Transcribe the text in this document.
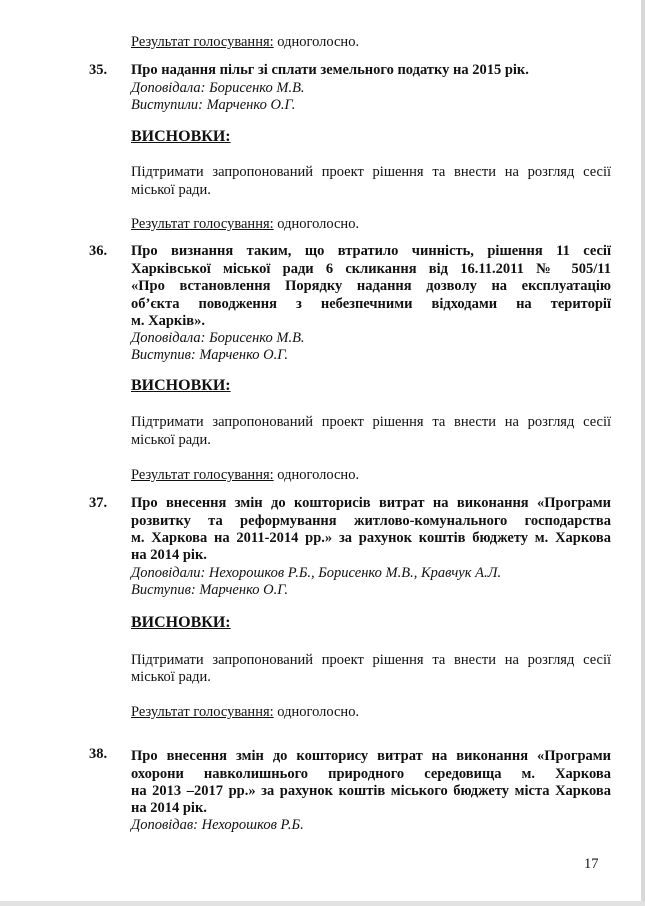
Результат голосування: одноголосно.
35. Про надання пільг зі сплати земельного податку на 2015 рік.
Доповідала: Борисенко М.В.
Виступили: Марченко О.Г.
ВИСНОВКИ:
Підтримати запропонований проект рішення та внести на розгляд сесії
міської ради.
Результат голосування: одноголосно.
36. Про визнання таким, що втратило чинність, рішення 11 сесії
Харківської міської ради 6 скликання від 16.11.2011 № 505/11
«Про встановлення Порядку надання дозволу на експлуатацію
об’єкта поводження з небезпечними відходами на території
м. Харків».
Доповідала: Борисенко М.В.
Виступив: Марченко О.Г.
ВИСНОВКИ:
Підтримати запропонований проект рішення та внести на розгляд сесії
міської ради.
Результат голосування: одноголосно.
37. Про внесення змін до кошторисів витрат на виконання «Програми
розвитку та реформування житлово-комунального господарства
м. Харкова на 2011-2014 рр.» за рахунок коштів бюджету м. Харкова
на 2014 рік.
Доповідали: Нехорошков Р.Б., Борисенко М.В., Кравчук А.Л.
Виступив: Марченко О.Г.
ВИСНОВКИ:
Підтримати запропонований проект рішення та внести на розгляд сесії
міської ради.
Результат голосування: одноголосно.
38. Про внесення змін до кошторису витрат на виконання «Програми
охорони навколишнього природного середовища м. Харкова
на 2013 –2017 рр.» за рахунок коштів міського бюджету міста Харкова
на 2014 рік.
Доповідав: Нехорошков Р.Б.
17
